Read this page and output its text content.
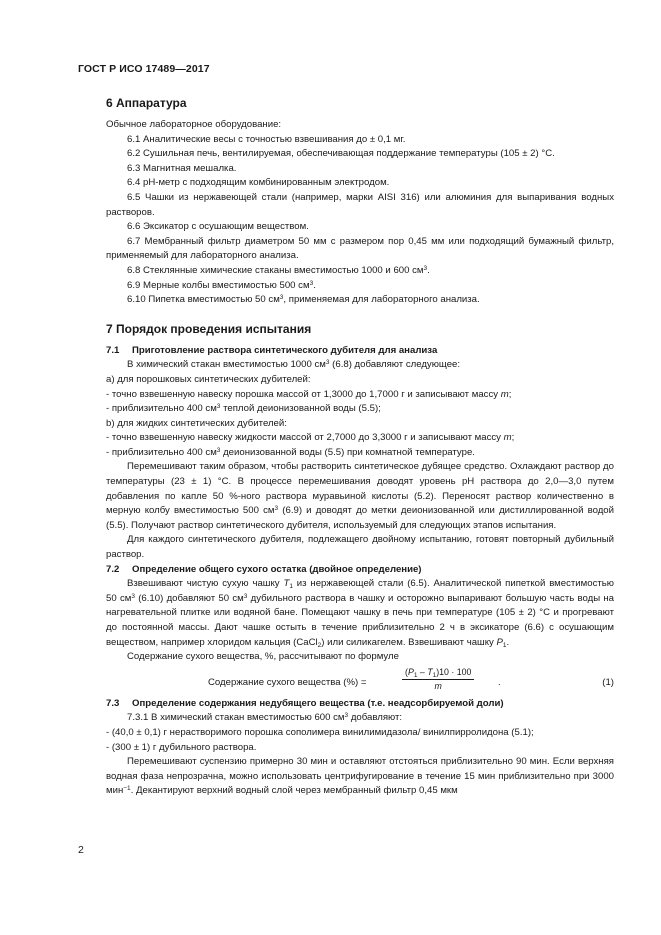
ГОСТ Р ИСО 17489—2017
6 Аппаратура

Обычное лабораторное оборудование:

6.1 Аналитические весы с точностью взвешивания до ± 0,1 мг.

6.2 Сушильная печь, вентилируемая, обеспечивающая поддержание температуры (105 ± 2) °С.

6.3 Магнитная мешалка.

6.4 рН-метр с подходящим комбинированным электродом.

6.5 Чашки из нержавеющей стали (например, марки AISI 316) или алюминия для выпаривания водных растворов.

6.6 Эксикатор с осушающим веществом.

6.7 Мембранный фильтр диаметром 50 мм с размером пор 0,45 мм или подходящий бумажный фильтр, применяемый для лабораторного анализа.

6.8 Стеклянные химические стаканы вместимостью 1000 и 600 $см^3$.

6.9 Мерные колбы вместимостью 500 $см^3$.

6.10 Пипетка вместимостью 50 $см^3$, применяемая для лабораторного анализа.

7 Порядок проведения испытания

7.1 Приготовление раствора синтетического дубителя для анализа

В химический стакан вместимостью 1000 $см^3$ (6.8) добавляют следующее:

а) для порошковых синтетических дубителей:

- точно взвешенную навеску порошка массой от 1,3000 до 1,7000 г и записывают массу m;

- приблизительно 400 $см^3$ теплой деионизованной воды (5.5);

b) для жидких синтетических дубителей:

- точно взвешенную навеску жидкости массой от 2,7000 до 3,3000 г и записывают массу m;

- приблизительно 400 $см^3$ деионизованной воды (5.5) при комнатной температуре.

Перемешивают таким образом, чтобы растворить синтетическое дубящее средство. Охлаждают раствор до температуры (23 ± 1) °С. В процессе перемешивания доводят уровень рН раствора до 2,0—3,0 путем добавления по капле 50 %-ного раствора муравьиной кислоты (5.2). Переносят раствор количественно в мерную колбу вместимостью 500 $см^3$ (6.9) и доводят до метки деионизованной или дистиллированной водой (5.5). Получают раствор синтетического дубителя, используемый для следующих этапов испытания.

Для каждого синтетического дубителя, подлежащего двойному испытанию, готовят повторный дубильный раствор.

7.2 Определение общего сухого остатка (двойное определение)

Взвешивают чистую сухую чашку $T_1$ из нержавеющей стали (6.5). Аналитической пипеткой вместимостью 50 $см^3$ (6.10) добавляют 50 $см^3$ дубильного раствора в чашку и осторожно выпаривают большую часть воды на нагревательной плитке или водяной бане. Помещают чашку в печь при температуре (105 ± 2) °С и прогревают до постоянной массы. Дают чашке остыть в течение приблизительно 2 ч в эксикаторе (6.6) с осушающим веществом, например хлоридом кальция (CaCl$_2$) или силикагелем. Взвешивают чашку $P_1$.

Содержание сухого вещества, %, рассчитывают по формуле

Содержание сухого вещества (%) =	$\frac{(P_1 - T_1)10 \cdot 100}{m}$ .	(1)

7.3 Определение содержания недубящего вещества (т.е. неадсорбируемой доли)

7.3.1 В химический стакан вместимостью 600 $см^3$ добавляют:

- (40,0 ± 0,1) г нерастворимого порошка сополимера винилимидазола/ винилпирролидона (5.1);

- (300 ± 1) г дубильного раствора.

Перемешивают суспензию примерно 30 мин и оставляют отстояться приблизительно 90 мин. Если верхняя водная фаза непрозрачна, можно использовать центрифугирование в течение 15 мин приблизительно при 3000 мин$^{-1}$. Декантируют верхний водный слой через мембранный фильтр 0,45 мкм

2
